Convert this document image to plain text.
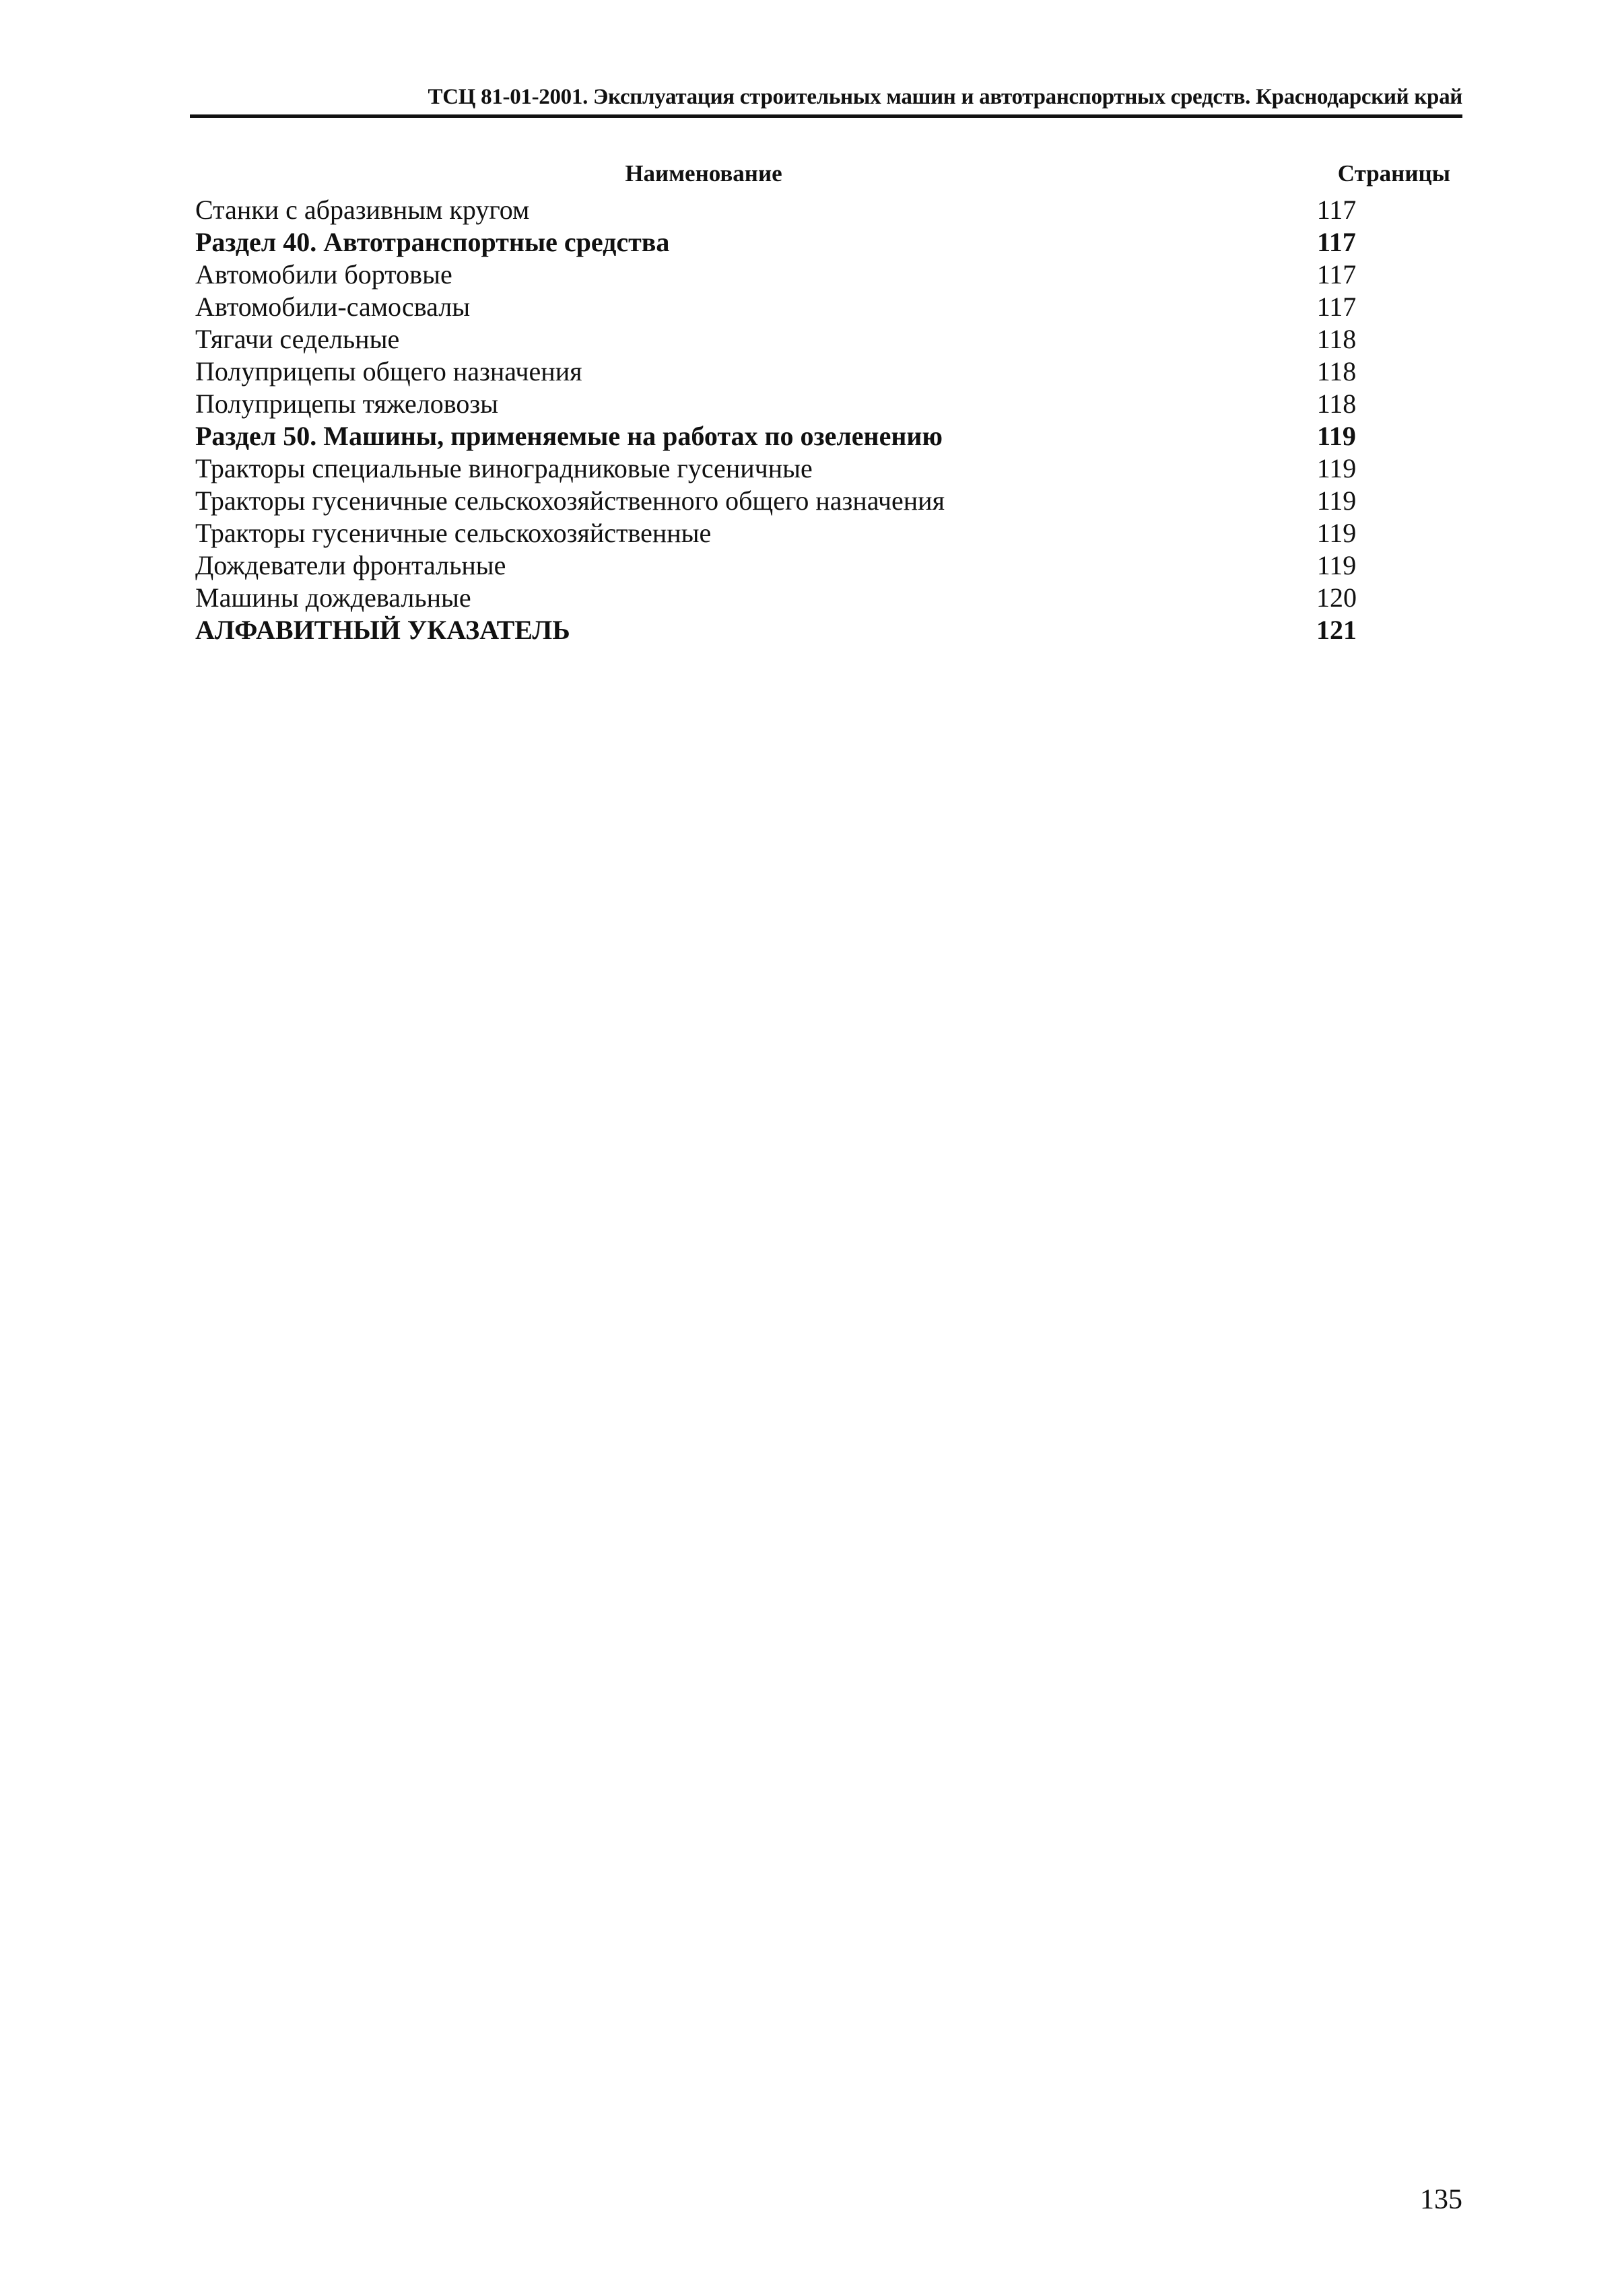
ТСЦ 81-01-2001. Эксплуатация строительных машин и автотранспортных средств. Краснодарский край
Наименование	Страницы
Станки с абразивным кругом	117
Раздел 40. Автотранспортные средства	117
Автомобили бортовые	117
Автомобили-самосвалы	117
Тягачи седельные	118
Полуприцепы общего назначения	118
Полуприцепы тяжеловозы	118
Раздел 50. Машины, применяемые на работах по озеленению	119
Тракторы специальные виноградниковые гусеничные	119
Тракторы гусеничные сельскохозяйственного общего назначения	119
Тракторы гусеничные сельскохозяйственные	119
Дождеватели фронтальные	119
Машины дождевальные	120
АЛФАВИТНЫЙ УКАЗАТЕЛЬ	121
135
